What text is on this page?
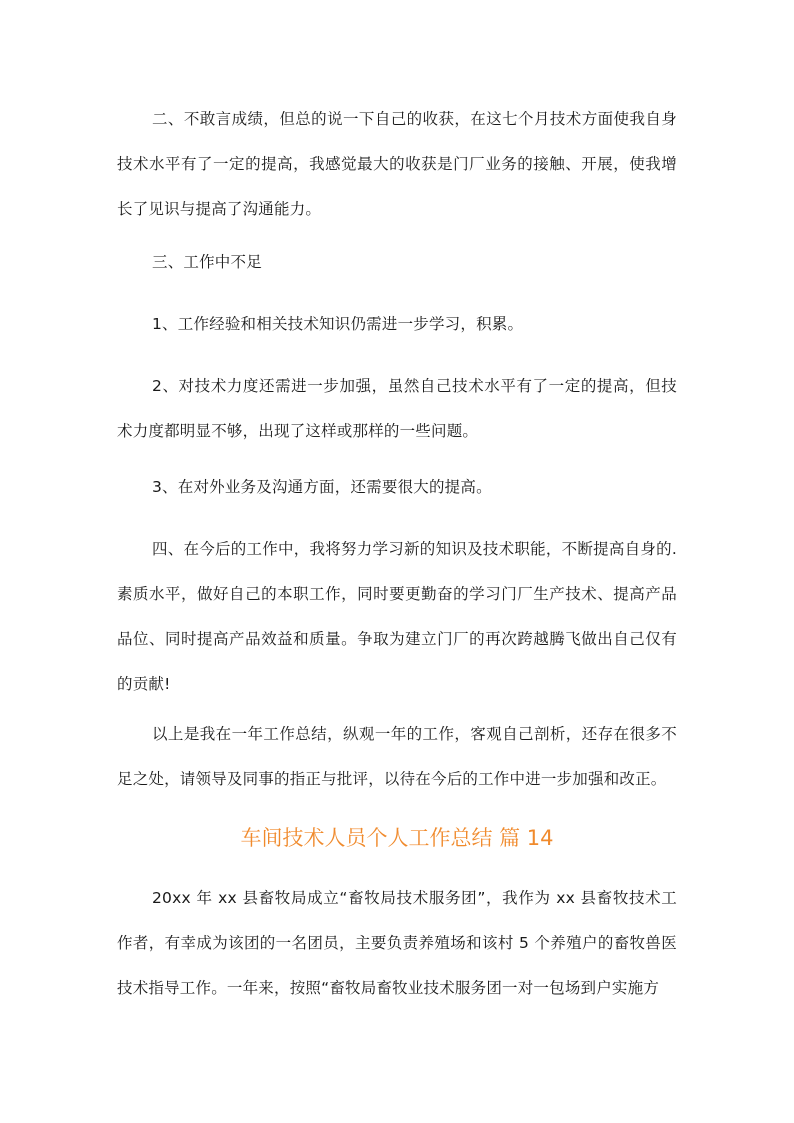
二、不敢言成绩，但总的说一下自己的收获，在这七个月技术方面使我自身技术水平有了一定的提高，我感觉最大的收获是门厂业务的接触、开展，使我增长了见识与提高了沟通能力。

三、工作中不足

1、工作经验和相关技术知识仍需进一步学习，积累。

2、对技术力度还需进一步加强，虽然自己技术水平有了一定的提高，但技术力度都明显不够，出现了这样或那样的一些问题。

3、在对外业务及沟通方面，还需要很大的提高。

四、在今后的工作中，我将努力学习新的知识及技术职能，不断提高自身的.素质水平，做好自己的本职工作，同时要更勤奋的学习门厂生产技术、提高产品品位、同时提高产品效益和质量。争取为建立门厂的再次跨越腾飞做出自己仅有的贡献!

以上是我在一年工作总结，纵观一年的工作，客观自己剖析，还存在很多不足之处，请领导及同事的指正与批评，以待在今后的工作中进一步加强和改正。

车间技术人员个人工作总结 篇 14

20xx 年 xx 县畜牧局成立“畜牧局技术服务团”，我作为 xx 县畜牧技术工作者，有幸成为该团的一名团员，主要负责养殖场和该村 5 个养殖户的畜牧兽医技术指导工作。一年来，按照“畜牧局畜牧业技术服务团一对一包场到户实施方
